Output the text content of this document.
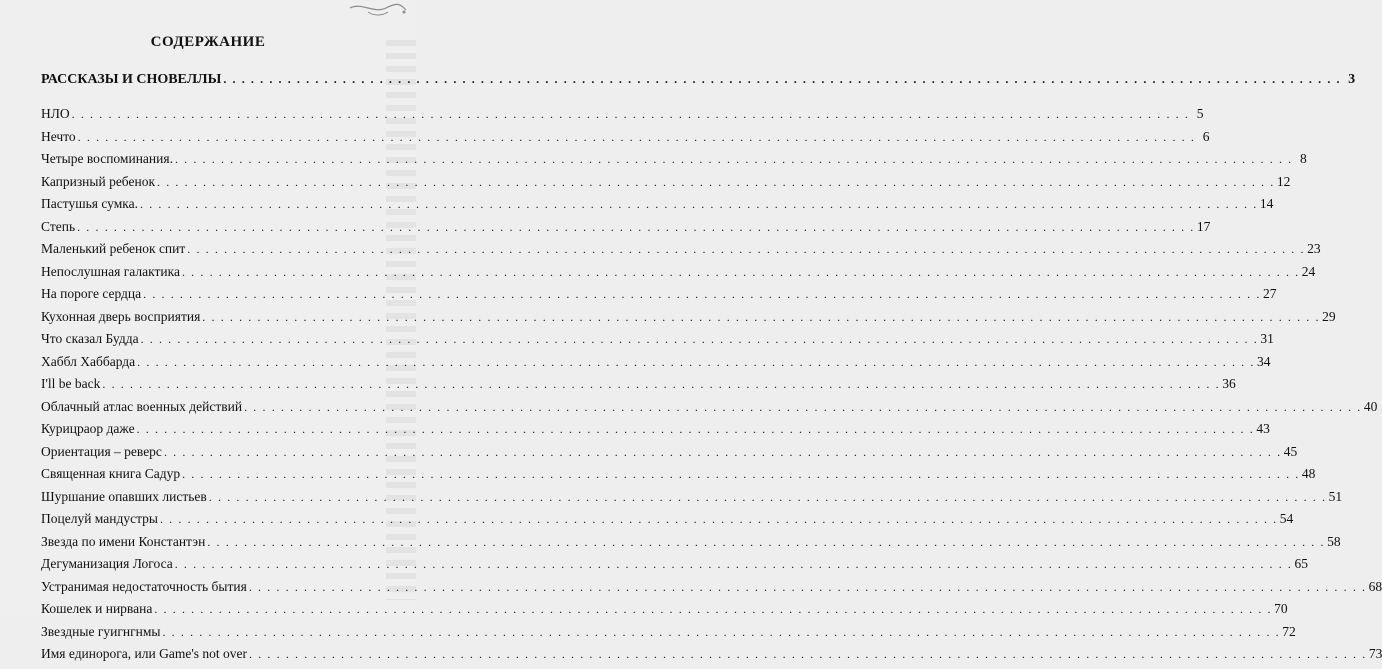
СОДЕРЖАНИЕ
РАССКАЗЫ И СНОВЕЛЛЫ . . .	3
НЛО . . .	5
Нечто . . .	6
Четыре воспоминания. . . .	8
Капризный ребенок . . .	12
Пастушья сумка. . . .	14
Степь . . .	17
Маленький ребенок спит . . .	23
Непослушная галактика . . .	24
На пороге сердца . . .	27
Кухонная дверь восприятия . . .	29
Что сказал Будда . . .	31
Хаббл Хаббарда . . .	34
I'll be back . . .	36
Облачный атлас военных действий . . .	40
Курицраор даже . . .	43
Ориентация – реверс . . .	45
Священная книга Садур . . .	48
Шуршание опавших листьев . . .	51
Поцелуй мандустры . . .	54
Звезда по имени Константэн . . .	58
Дегуманизация Логоса . . .	65
Устранимая недостаточность бытия . . .	68
Кошелек и нирвана . . .	70
Звездные гуигнгнмы . . .	72
Имя единорога, или Game's not over . . .	73
